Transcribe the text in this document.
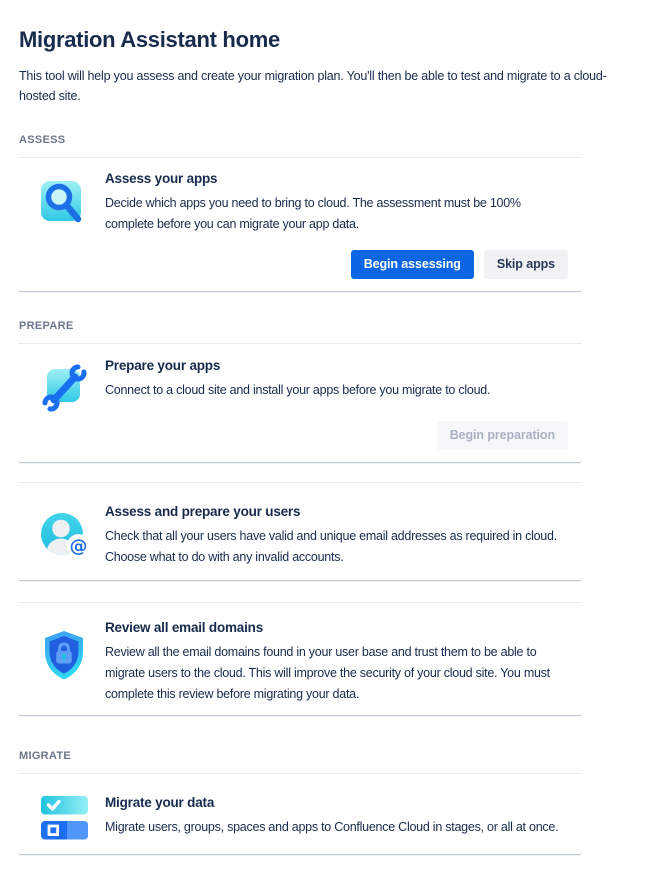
Migration Assistant home

This tool will help you assess and create your migration plan. You'll then be able to test and migrate to a cloud-hosted site.

ASSESS
Assess your apps

Decide which apps you need to bring to cloud. The assessment must be 100% complete before you can migrate your app data.

Begin assessing	Skip apps
PREPARE
Prepare your apps

Connect to a cloud site and install your apps before you migrate to cloud.

Begin preparation
@
Assess and prepare your users

Check that all your users have valid and unique email addresses as required in cloud. Choose what to do with any invalid accounts.

Review all email domains

Review all the email domains found in your user base and trust them to be able to migrate users to the cloud. This will improve the security of your cloud site. You must complete this review before migrating your data.

MIGRATE
Migrate your data

Migrate users, groups, spaces and apps to Confluence Cloud in stages, or all at once.
